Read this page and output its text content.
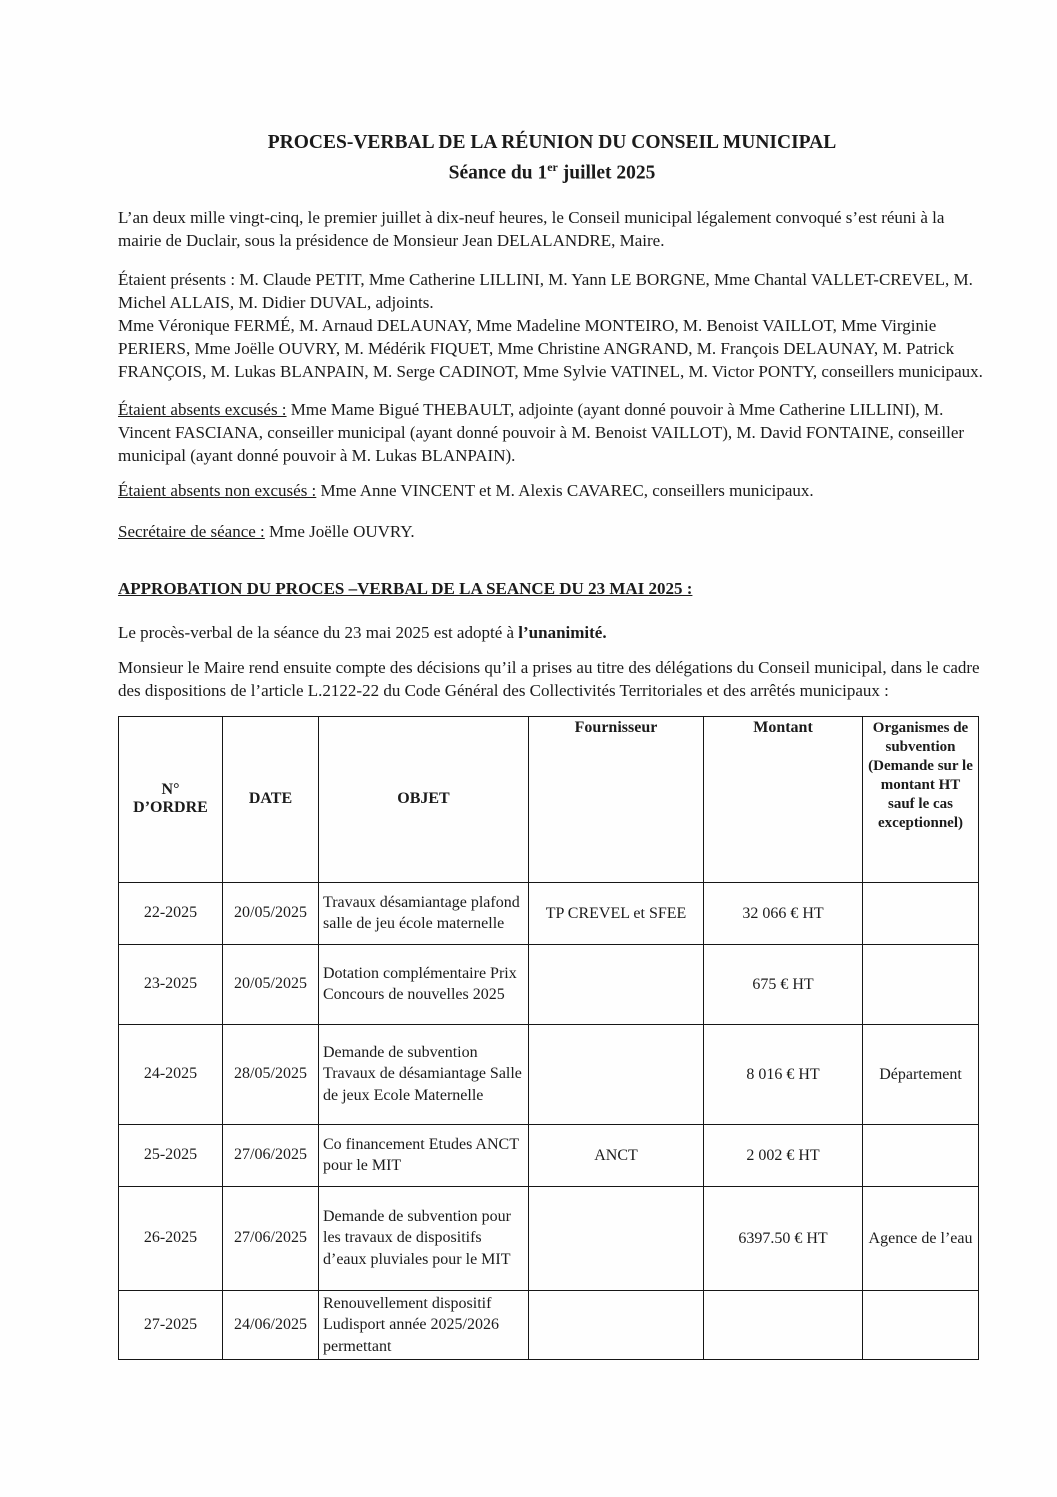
PROCES-VERBAL DE LA RÉUNION DU CONSEIL MUNICIPAL
Séance du 1er juillet 2025

L’an deux mille vingt-cinq, le premier juillet à dix-neuf heures, le Conseil municipal légalement convoqué s’est réuni à la mairie de Duclair, sous la présidence de Monsieur Jean DELALANDRE, Maire.

Étaient présents : M. Claude PETIT, Mme Catherine LILLINI, M. Yann LE BORGNE, Mme Chantal VALLET-CREVEL, M. Michel ALLAIS, M. Didier DUVAL, adjoints.
Mme Véronique FERMÉ, M. Arnaud DELAUNAY, Mme Madeline MONTEIRO, M. Benoist VAILLOT, Mme Virginie PERIERS, Mme Joëlle OUVRY, M. Médérik FIQUET, Mme Christine ANGRAND, M. François DELAUNAY, M. Patrick FRANÇOIS, M. Lukas BLANPAIN, M. Serge CADINOT, Mme Sylvie VATINEL, M. Victor PONTY, conseillers municipaux.

Étaient absents excusés : Mme Mame Bigué THEBAULT, adjointe (ayant donné pouvoir à Mme Catherine LILLINI), M. Vincent FASCIANA, conseiller municipal (ayant donné pouvoir à M. Benoist VAILLOT), M. David FONTAINE, conseiller municipal (ayant donné pouvoir à M. Lukas BLANPAIN).

Étaient absents non excusés : Mme Anne VINCENT et M. Alexis CAVAREC, conseillers municipaux.

Secrétaire de séance : Mme Joëlle OUVRY.

APPROBATION DU PROCES –VERBAL DE LA SEANCE DU 23 MAI 2025 :

Le procès-verbal de la séance du 23 mai 2025 est adopté à l’unanimité.

Monsieur le Maire rend ensuite compte des décisions qu’il a prises au titre des délégations du Conseil municipal, dans le cadre des dispositions de l’article L.2122-22 du Code Général des Collectivités Territoriales et des arrêtés municipaux :

N° D’ORDRE	DATE	OBJET	Fournisseur	Montant	Organismes de subvention (Demande sur le montant HT sauf le cas exceptionnel)
22-2025	20/05/2025	Travaux désamiantage plafond salle de jeu école maternelle	TP CREVEL et SFEE	32 066 € HT	
23-2025	20/05/2025	Dotation complémentaire Prix Concours de nouvelles 2025		675 € HT	
24-2025	28/05/2025	Demande de subvention Travaux de désamiantage Salle de jeux Ecole Maternelle		8 016 € HT	Département
25-2025	27/06/2025	Co financement Etudes ANCT pour le MIT	ANCT	2 002 € HT	
26-2025	27/06/2025	Demande de subvention pour les travaux de dispositifs d’eaux pluviales pour le MIT		6397.50 € HT	Agence de l’eau
27-2025	24/06/2025	Renouvellement dispositif Ludisport année 2025/2026 permettant			
